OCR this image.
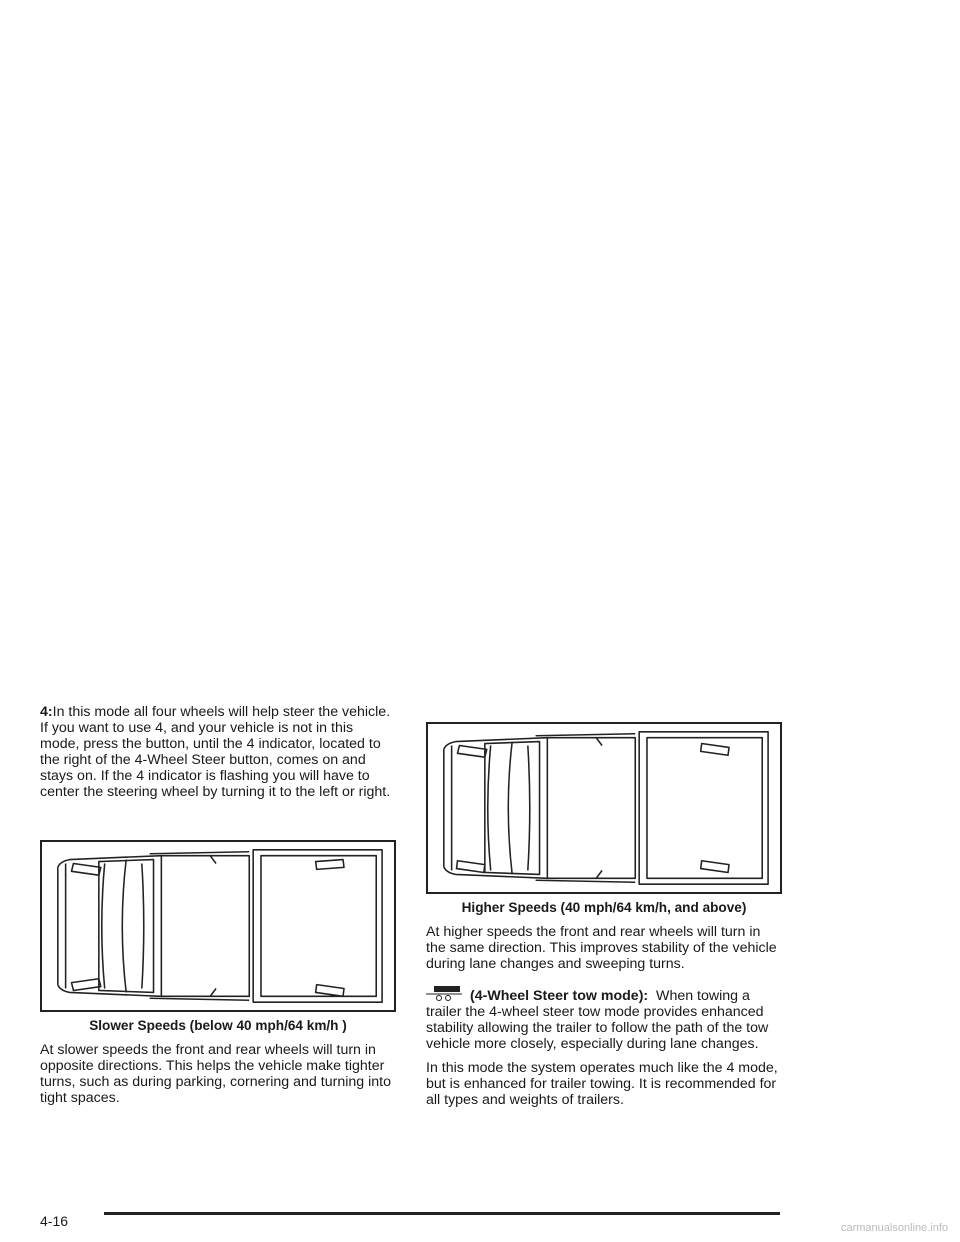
4:In this mode all four wheels will help steer the vehicle. If you want to use 4, and your vehicle is not in this mode, press the button, until the 4 indicator, located to the right of the 4-Wheel Steer button, comes on and stays on. If the 4 indicator is flashing you will have to center the steering wheel by turning it to the left or right.

Slower Speeds (below 40 mph/64 km/h )

At slower speeds the front and rear wheels will turn in opposite directions. This helps the vehicle make tighter turns, such as during parking, cornering and turning into tight spaces.

Higher Speeds (40 mph/64 km/h, and above)

At higher speeds the front and rear wheels will turn in the same direction. This improves stability of the vehicle during lane changes and sweeping turns.

(4-Wheel Steer tow mode): When towing a trailer the 4-wheel steer tow mode provides enhanced stability allowing the trailer to follow the path of the tow vehicle more closely, especially during lane changes.

In this mode the system operates much like the 4 mode, but is enhanced for trailer towing. It is recommended for all types and weights of trailers.

4-16	carmanualsonline.info
